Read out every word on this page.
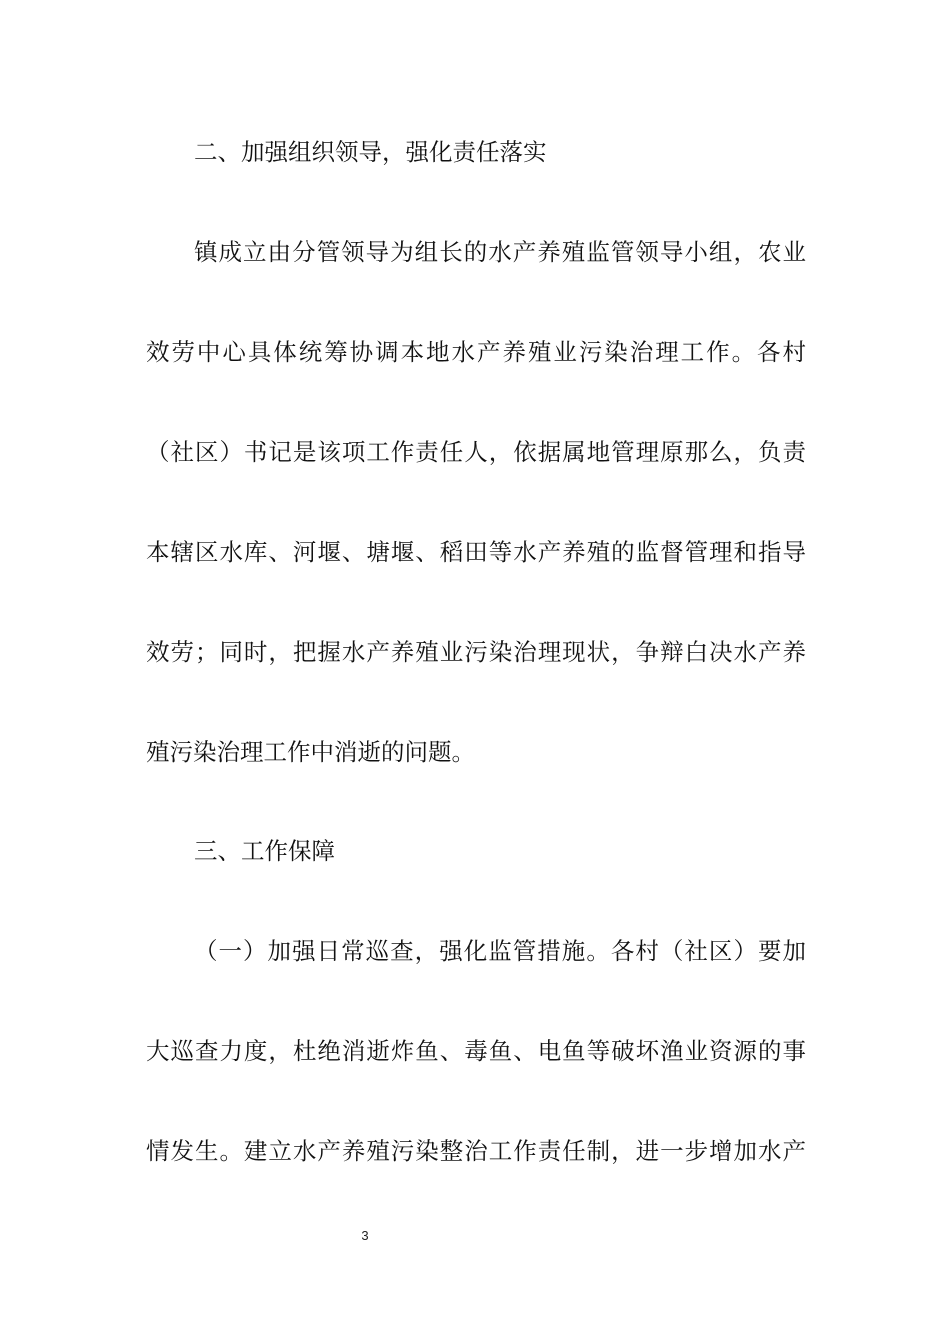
二、加强组织领导，强化责任落实
镇成立由分管领导为组长的水产养殖监管领导小组，农业
效劳中心具体统筹协调本地水产养殖业污染治理工作。各村
（社区）书记是该项工作责任人，依据属地管理原那么，负责
本辖区水库、河堰、塘堰、稻田等水产养殖的监督管理和指导
效劳；同时，把握水产养殖业污染治理现状，争辩白决水产养
殖污染治理工作中消逝的问题。
三、工作保障
（一）加强日常巡查，强化监管措施。各村（社区）要加
大巡查力度，杜绝消逝炸鱼、毒鱼、电鱼等破坏渔业资源的事
情发生。建立水产养殖污染整治工作责任制，进一步增加水产
3
